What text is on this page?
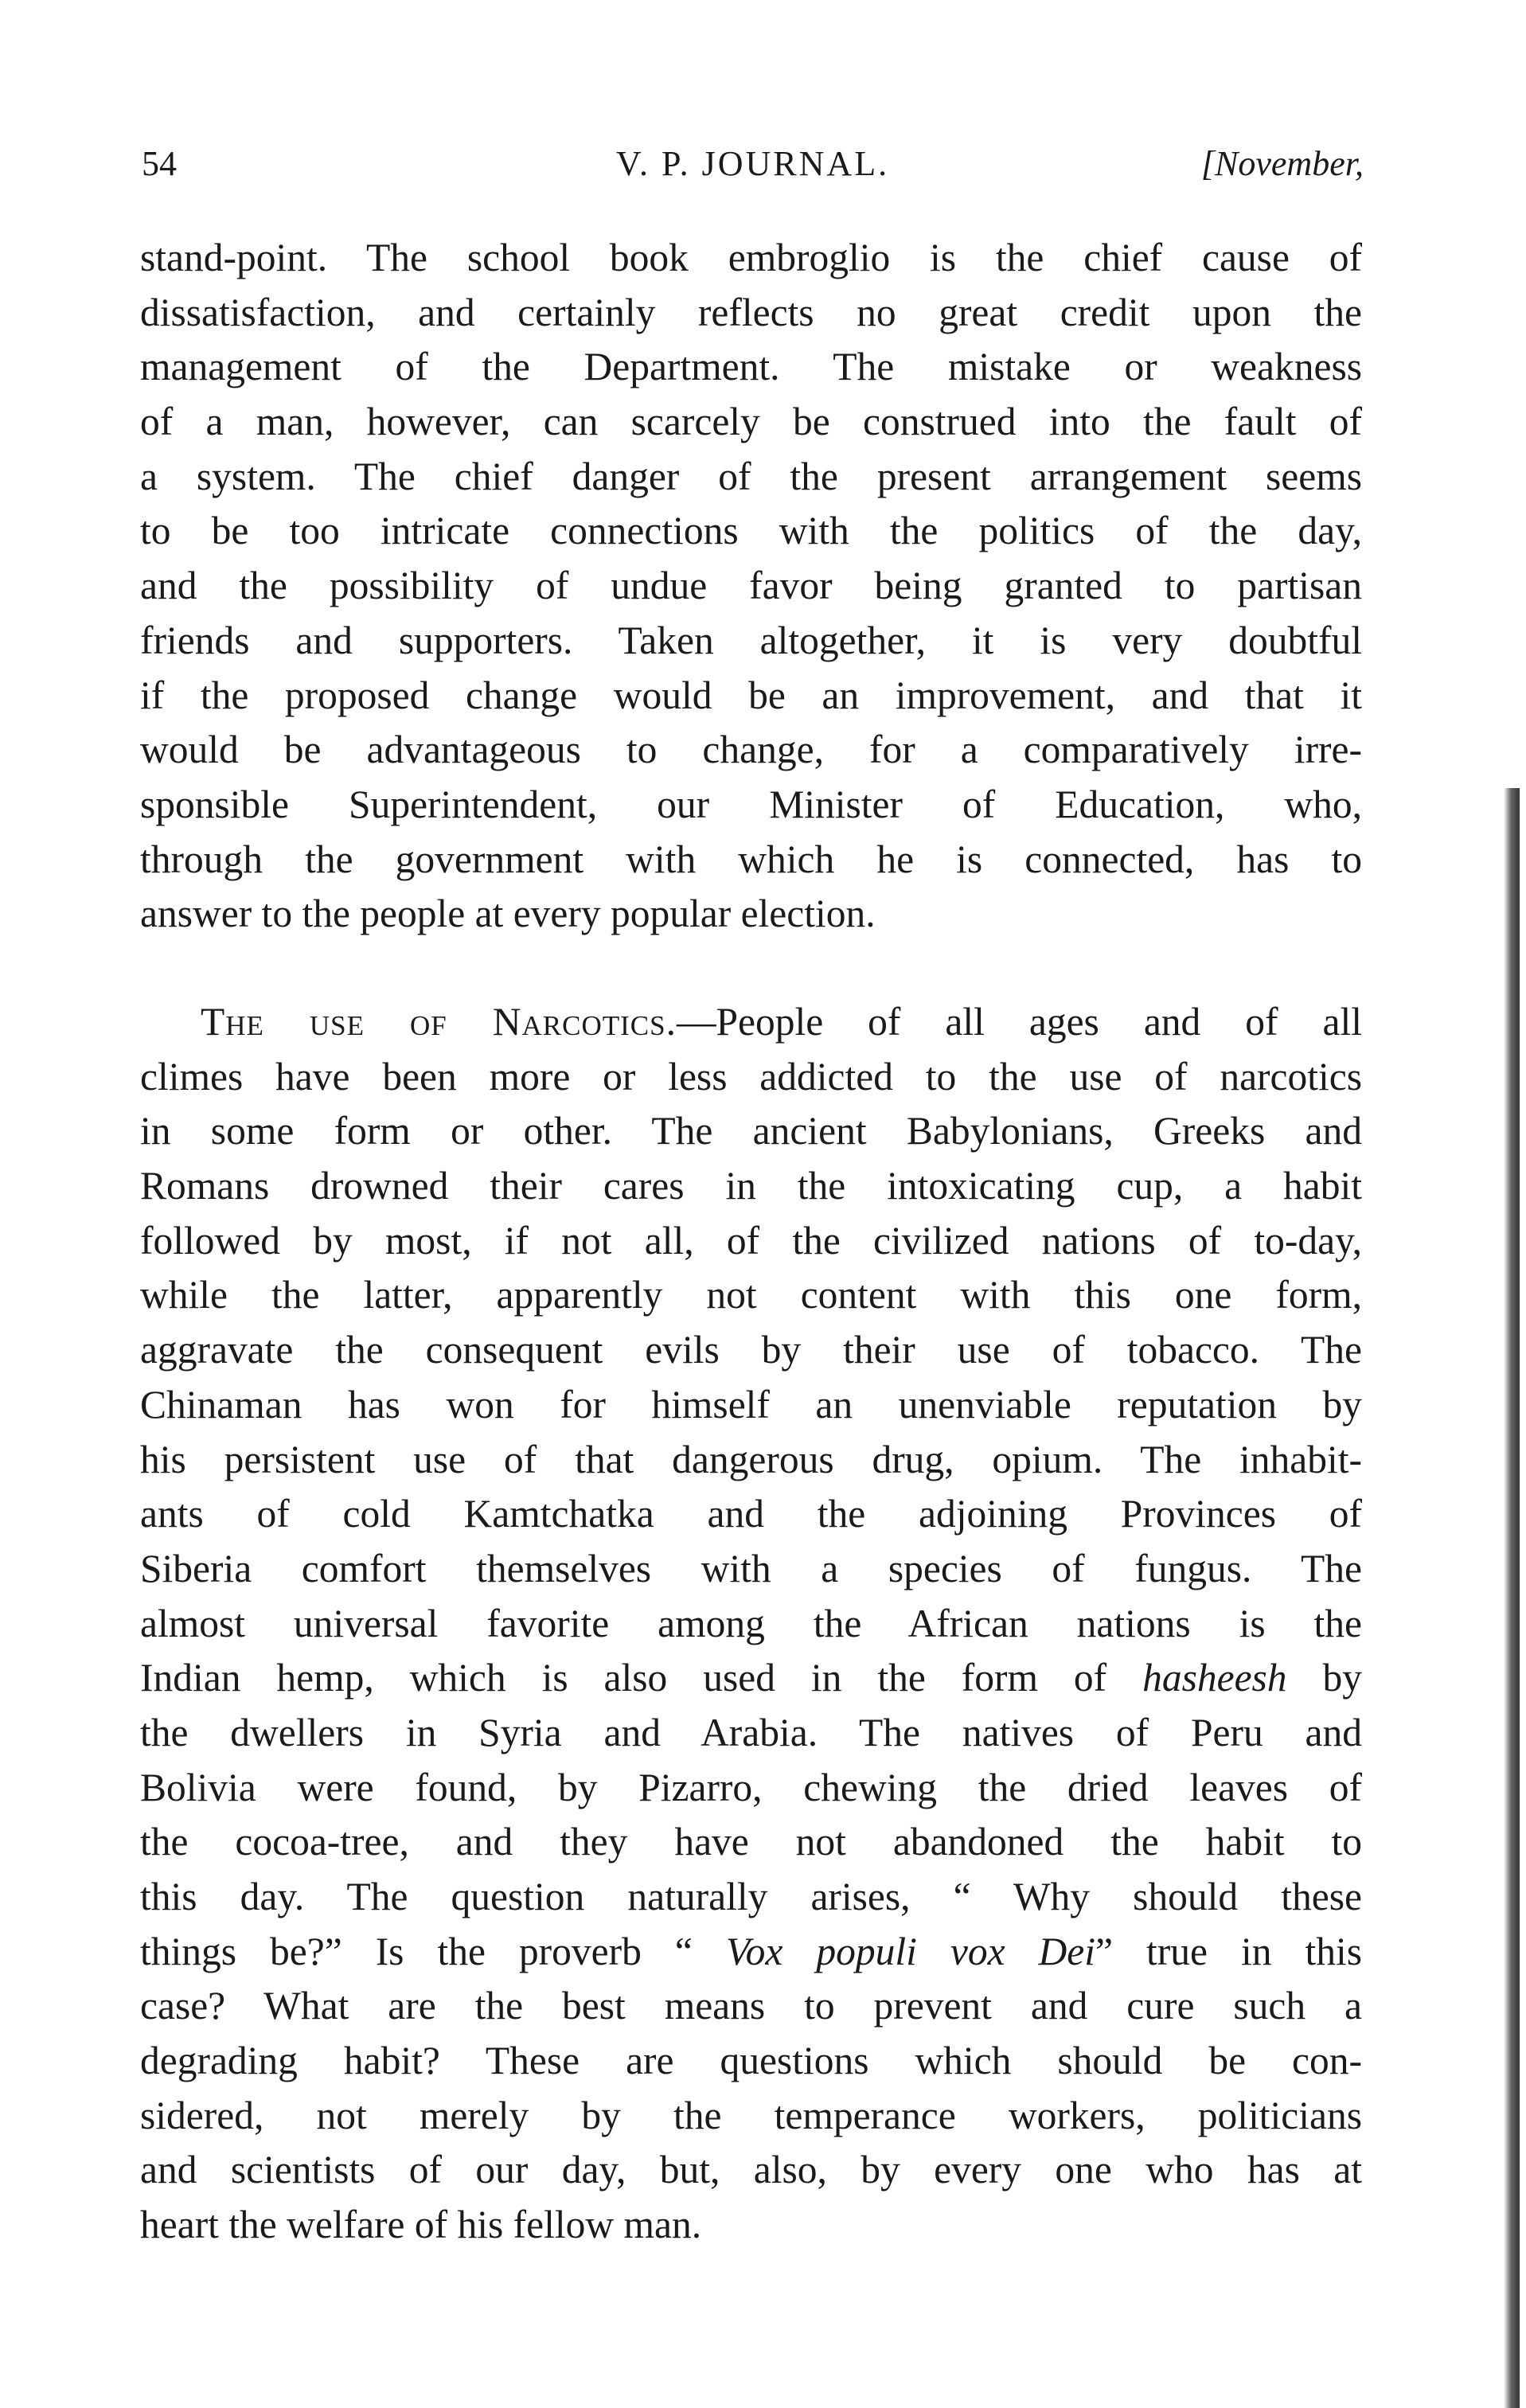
54	V. P. JOURNAL.	[November,
stand-point. The school book embroglio is the chief cause of
dissatisfaction, and certainly reflects no great credit upon the
management of the Department. The mistake or weakness
of a man, however, can scarcely be construed into the fault of
a system. The chief danger of the present arrangement seems
to be too intricate connections with the politics of the day,
and the possibility of undue favor being granted to partisan
friends and supporters. Taken altogether, it is very doubtful
if the proposed change would be an improvement, and that it
would be advantageous to change, for a comparatively irre-
sponsible Superintendent, our Minister of Education, who,
through the government with which he is connected, has to
answer to the people at every popular election.
The use of Narcotics.—People of all ages and of all
climes have been more or less addicted to the use of narcotics
in some form or other. The ancient Babylonians, Greeks and
Romans drowned their cares in the intoxicating cup, a habit
followed by most, if not all, of the civilized nations of to-day,
while the latter, apparently not content with this one form,
aggravate the consequent evils by their use of tobacco. The
Chinaman has won for himself an unenviable reputation by
his persistent use of that dangerous drug, opium. The inhabit-
ants of cold Kamtchatka and the adjoining Provinces of
Siberia comfort themselves with a species of fungus. The
almost universal favorite among the African nations is the
Indian hemp, which is also used in the form of hasheesh by
the dwellers in Syria and Arabia. The natives of Peru and
Bolivia were found, by Pizarro, chewing the dried leaves of
the cocoa-tree, and they have not abandoned the habit to
this day. The question naturally arises, “ Why should these
things be?” Is the proverb “ Vox populi vox Dei” true in this
case? What are the best means to prevent and cure such a
degrading habit? These are questions which should be con-
sidered, not merely by the temperance workers, politicians
and scientists of our day, but, also, by every one who has at
heart the welfare of his fellow man.
